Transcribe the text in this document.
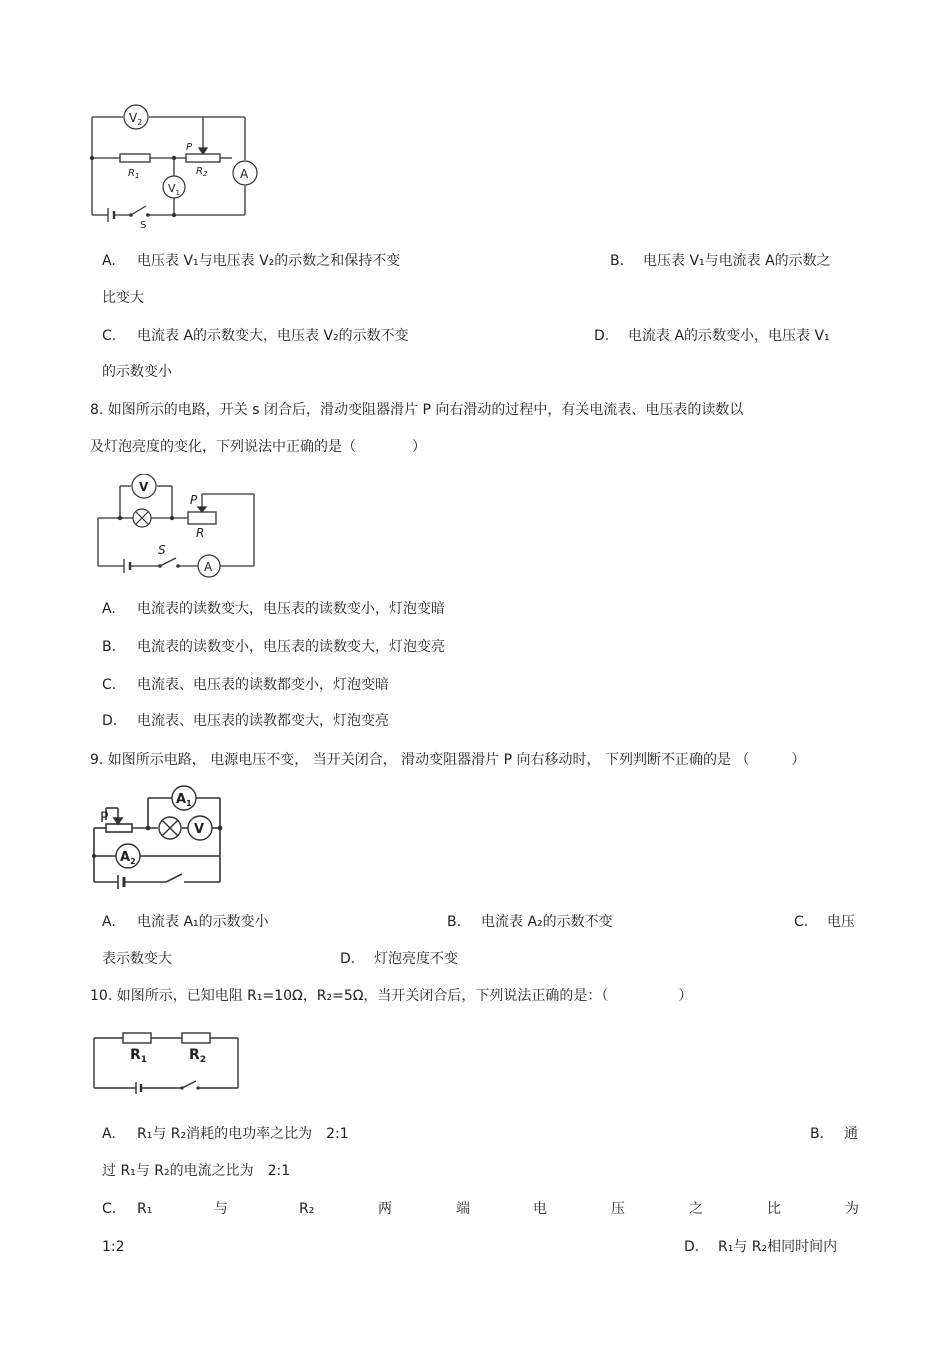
$V_2$
$V_1$
A
P
$R_1$	$R_2$
S
A. 电压表 V₁与电压表 V₂的示数之和保持不变	B. 电压表 V₁与电流表 A的示数之
比变大
C. 电流表 A的示数变大，电压表 V₂的示数不变	D. 电流表 A的示数变小，电压表 V₁
的示数变小
8. 如图所示的电路，开关 s 闭合后，滑动变阻器滑片 P 向右滑动的过程中，有关电流表、电压表的读数以
及灯泡亮度的变化，下列说法中正确的是（　　　　）
V
P
R
S
A
A. 电流表的读数变大，电压表的读数变小，灯泡变暗
B. 电流表的读数变小，电压表的读数变大，灯泡变亮
C. 电流表、电压表的读数都变小，灯泡变暗
D. 电流表、电压表的读教都变大，灯泡变亮
9. 如图所示电路， 电源电压不变， 当开关闭合， 滑动变阻器滑片 P 向右移动时， 下列判断不正确的是 （　　　）
$A_1$
$A_2$
V
P
A. 电流表 A₁的示数变小	B. 电流表 A₂的示数不变	C. 电压
表示数变大	D. 灯泡亮度不变
10. 如图所示，已知电阻 R₁=10Ω，R₂=5Ω，当开关闭合后，下列说法正确的是：（　　　　　）
$R_1$	$R_2$
A. R₁与 R₂消耗的电功率之比为　2:1	B. 通
过 R₁与 R₂的电流之比为　2:1
C. R₁	与	R₂	两	端	电	压	之	比	为
1:2	D. R₁与 R₂相同时间内
